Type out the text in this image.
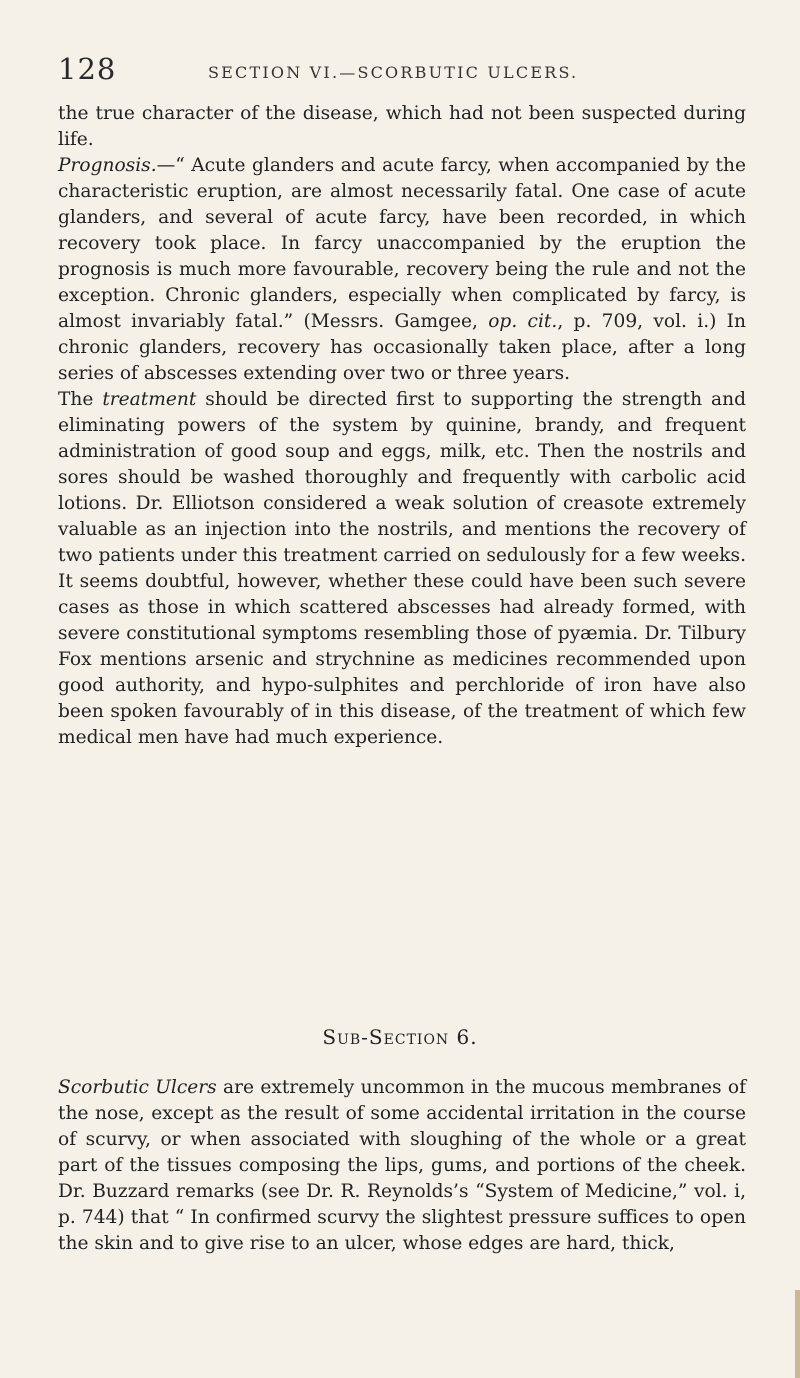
128	SECTION VI.—SCORBUTIC ULCERS.

the true character of the disease, which had not been suspected during life.

Prognosis.—“ Acute glanders and acute farcy, when accompanied by the characteristic eruption, are almost necessarily fatal. One case of acute glanders, and several of acute farcy, have been recorded, in which recovery took place. In farcy unaccompanied by the eruption the prognosis is much more favourable, recovery being the rule and not the exception. Chronic glanders, especially when complicated by farcy, is almost invariably fatal.” (Messrs. Gamgee, op. cit., p. 709, vol. i.) In chronic glanders, recovery has occasionally taken place, after a long series of abscesses extending over two or three years.

The treatment should be directed first to supporting the strength and eliminating powers of the system by quinine, brandy, and frequent administration of good soup and eggs, milk, etc. Then the nostrils and sores should be washed thoroughly and frequently with carbolic acid lotions. Dr. Elliotson considered a weak solution of creasote extremely valuable as an injection into the nostrils, and mentions the recovery of two patients under this treatment carried on sedulously for a few weeks. It seems doubtful, however, whether these could have been such severe cases as those in which scattered abscesses had already formed, with severe constitutional symptoms resembling those of pyæmia. Dr. Tilbury Fox mentions arsenic and strychnine as medicines recommended upon good authority, and hypo-sulphites and perchloride of iron have also been spoken favourably of in this disease, of the treatment of which few medical men have had much experience.

Sub-Section 6.

Scorbutic Ulcers are extremely uncommon in the mucous membranes of the nose, except as the result of some accidental irritation in the course of scurvy, or when associated with sloughing of the whole or a great part of the tissues composing the lips, gums, and portions of the cheek. Dr. Buzzard remarks (see Dr. R. Reynolds’s “System of Medicine,” vol. i, p. 744) that “ In confirmed scurvy the slightest pressure suffices to open the skin and to give rise to an ulcer, whose edges are hard, thick,
